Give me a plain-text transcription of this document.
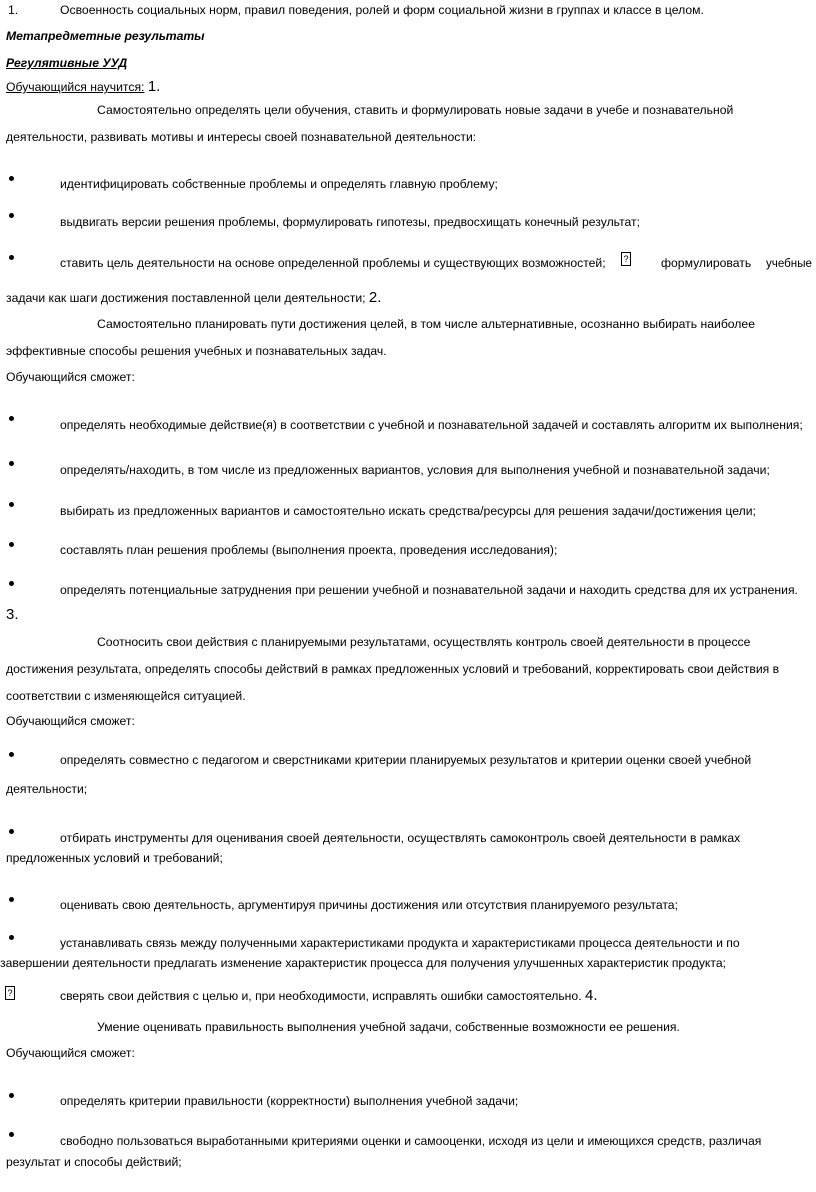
1.	Освоенность социальных норм, правил поведения, ролей и форм социальной жизни в группах и классе в целом.
Метапредметные результаты
Регулятивные УУД
Обучающийся научится: 1.
Самостоятельно определять цели обучения, ставить и формулировать новые задачи в учебе и познавательной
деятельности, развивать мотивы и интересы своей познавательной деятельности:
идентифицировать собственные проблемы и определять главную проблему;
выдвигать версии решения проблемы, формулировать гипотезы, предвосхищать конечный результат;
ставить цель деятельности на основе определенной проблемы и существующих возможностей; ?	формулировать учебные
задачи как шаги достижения поставленной цели деятельности; 2.
Самостоятельно планировать пути достижения целей, в том числе альтернативные, осознанно выбирать наиболее
эффективные способы решения учебных и познавательных задач.
Обучающийся сможет:
определять необходимые действие(я) в соответствии с учебной и познавательной задачей и составлять алгоритм их выполнения;
определять/находить, в том числе из предложенных вариантов, условия для выполнения учебной и познавательной задачи;
выбирать из предложенных вариантов и самостоятельно искать средства/ресурсы для решения задачи/достижения цели;
составлять план решения проблемы (выполнения проекта, проведения исследования);
определять потенциальные затруднения при решении учебной и познавательной задачи и находить средства для их устранения.
3.
Соотносить свои действия с планируемыми результатами, осуществлять контроль своей деятельности в процессе
достижения результата, определять способы действий в рамках предложенных условий и требований, корректировать свои действия в
соответствии с изменяющейся ситуацией.
Обучающийся сможет:
определять совместно с педагогом и сверстниками критерии планируемых результатов и критерии оценки своей учебной
деятельности;
отбирать инструменты для оценивания своей деятельности, осуществлять самоконтроль своей деятельности в рамках
предложенных условий и требований;
оценивать свою деятельность, аргументируя причины достижения или отсутствия планируемого результата;
устанавливать связь между полученными характеристиками продукта и характеристиками процесса деятельности и по
завершении деятельности предлагать изменение характеристик процесса для получения улучшенных характеристик продукта;
?	сверять свои действия с целью и, при необходимости, исправлять ошибки самостоятельно. 4.
Умение оценивать правильность выполнения учебной задачи, собственные возможности ее решения.
Обучающийся сможет:
определять критерии правильности (корректности) выполнения учебной задачи;
свободно пользоваться выработанными критериями оценки и самооценки, исходя из цели и имеющихся средств, различая
результат и способы действий;
